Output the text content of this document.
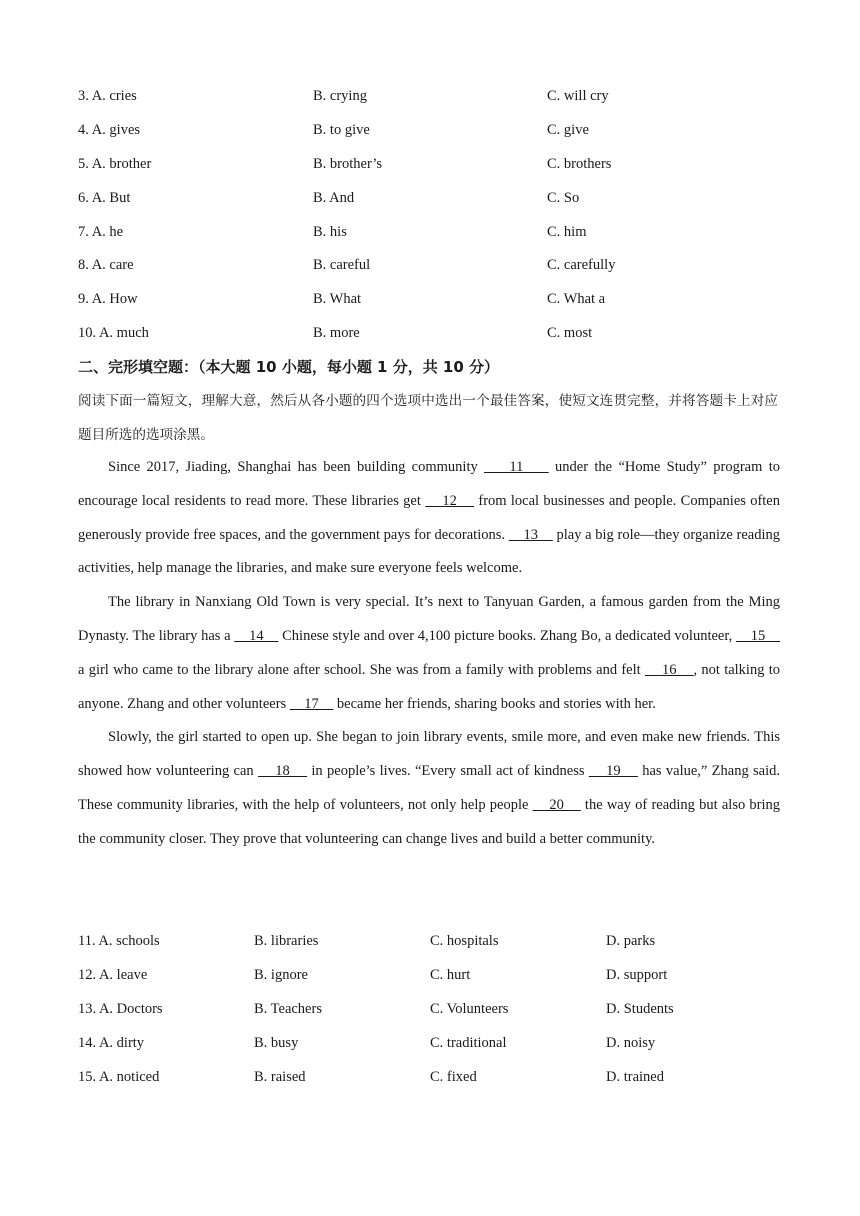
3. A. cries	B. crying	C. will cry
4. A. gives	B. to give	C. give
5. A. brother	B. brother’s	C. brothers
6. A. But	B. And	C. So
7. A. he	B. his	C. him
8. A. care	B. careful	C. carefully
9. A. How	B. What	C. What a
10. A. much	B. more	C. most
二、完形填空题：（本大题 10 小题，每小题 1 分，共 10 分）
阅读下面一篇短文，理解大意，然后从各小题的四个选项中选出一个最佳答案，使短文连贯完整，并将答题卡上对应题目所选的选项涂黑。

Since 2017, Jiading, Shanghai has been building community     11     under the “Home Study” program to encourage local residents to read more. These libraries get     12     from local businesses and people. Companies often generously provide free spaces, and the government pays for decorations.     13     play a big role—they organize reading activities, help manage the libraries, and make sure everyone feels welcome.

The library in Nanxiang Old Town is very special. It’s next to Tanyuan Garden, a famous garden from the Ming Dynasty. The library has a     14     Chinese style and over 4,100 picture books. Zhang Bo, a dedicated volunteer,     15     a girl who came to the library alone after school. She was from a family with problems and felt     16    , not talking to anyone. Zhang and other volunteers     17     became her friends, sharing books and stories with her.

Slowly, the girl started to open up. She began to join library events, smile more, and even make new friends. This showed how volunteering can     18     in people’s lives. “Every small act of kindness     19     has value,” Zhang said. These community libraries, with the help of volunteers, not only help people     20     the way of reading but also bring the community closer. They prove that volunteering can change lives and build a better community.

11. A. schools	B. libraries	C. hospitals	D. parks
12. A. leave	B. ignore	C. hurt	D. support
13. A. Doctors	B. Teachers	C. Volunteers	D. Students
14. A. dirty	B. busy	C. traditional	D. noisy
15. A. noticed	B. raised	C. fixed	D. trained
